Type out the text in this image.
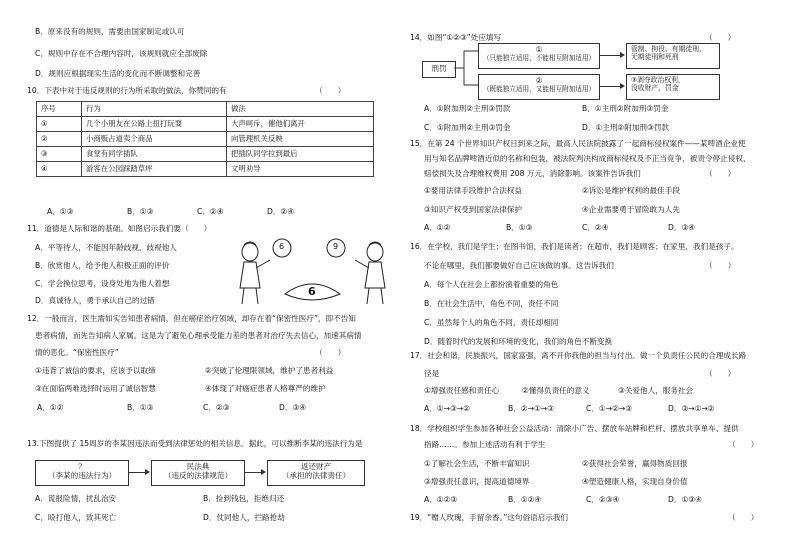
B．原来没有的规则，需要由国家制定或认可
C．规则中存在不合理内容时，该规则就应全部废除
D．规则应根据现实生活的变化而不断调整和完善
10．下表中对于违反规则的行为所采取的做法，你赞同的有	（　　）
序号	行为	做法
①	几个小朋友在公路上扭打玩耍	大声呵斥，催他们离开
②	小商贩占道卖个商品	向管理机关反映
③	食堂有同学插队	把插队同学拉到最后
④	游客在公园踩踏草坪	文明劝导
A．①③	B．①③	C．②④	D．②④
11．道德是人际和谐的基础。如图启示我们要（　　）
A．平等待人，不能因年龄歧视，歧视他人
B．欣赏他人，给予他人积极正面的评价
C．学会换位思考，设身处地为他人着想
D．真诚待人，勇于承认自己的过错
6	9
6
12．一般而言，医生需如实告知患者病情，但在癌症治疗领域，却存在着“保密性医疗”，即不告知
患者病情，而先告知病人家属。这是为了避免心理承受能力差的患者对治疗失去信心，加速其病情
情的恶化。“保密性医疗”	（　　）
①违背了诚信的要求，应该予以取缔	②突破了伦理限领域，维护了患者利益
③在面临两难选择时运用了诚信智慧	④体现了对癌症患者人格尊严的维护
A．①②	B．①③	C．②③	D．③④
13.下图提供了 15周岁的李某因违法而受到法律惩处的相关信息。据此，可以推断李某的违法行为是
？
（李某的违法行为）
民法典
（违反的法律规范）
返还财产
（承担的法律责任）
A．谎报险情，扰乱治安	B．捡到钱包，拒绝归还
C．殴打他人，致其死亡	D．仗同他人，拦路抢劫
14．如图“①②③”处应填写	（　　）
刑罚
①
（只能独立适用，不能相互附加适用）
②
（既能独立适用，又能相互附加适用）
管制、拘役、有期徒刑、
无期徒刑和死刑
③剥夺政治权利，
没收财产，罚金
A．①附加刑②主刑③罚款	B．①主刑②附加刑③罚金
C．①附加刑②主刑③罚金	D．①主刑②附加刑③罚款
15．在第 24 个世界知识产权日到来之际，最高人民法院披露了一起商标侵权案件——某啤酒企业使
用与知名品牌啤酒近似的名称和包装，被法院判决构成商标侵权及不正当竞争，被责令停止侵权、
赔偿损失及合理维权费用 208 万元，消除影响。该案件告诉我们	（　　）
①要用法律手段维护合法权益	②诉讼是维护权利的最佳手段
③知识产权受到国家法律保护	④企业需要勇于冒险敢为人先
A．①②	B．①③	C．②④	D．③④
16．在学校，我们是学生；在图书馆，我们是读者；在超市，我们是顾客；在家里，我们是孩子。
不论在哪里，我们都要做好自己应该做的事。这告诉我们	（　　）
A．每个人在社会上都扮演着重要的角色
B．在社会生活中，角色不同，责任不同
C．虽然每个人的角色不同，责任却相同
D．随着时代的发展和环境的变化，我们的角色不断变换
17．社会和谐，民族振兴，国家富强，离不开你我他的担当与付出。做一个负责任公民的合理成长路
径是	（　　）
①增强责任感和责任心	②懂得负责任的意义	③关爱他人，服务社会
A．①→③→②	B．②→①→③	C．①→②→③	D．③→①→②
18．学校组织学生参加各种社会公益活动：清除小广告、摆放车站牌和栏杆、摆放共享单车、提供
指路……。参加上述活动有利于学生	（　　）
①了解社会生活，不断丰富知识	②获得社会荣誉，赢得物质回报
③增强责任意识，提高道德境界	④塑造健康人格，实现自身价值
A．①②③	B．①②④	C．②③④	D．①③④
19．“赠人玫瑰，手留余香。”这句俗语启示我们	（　　）
